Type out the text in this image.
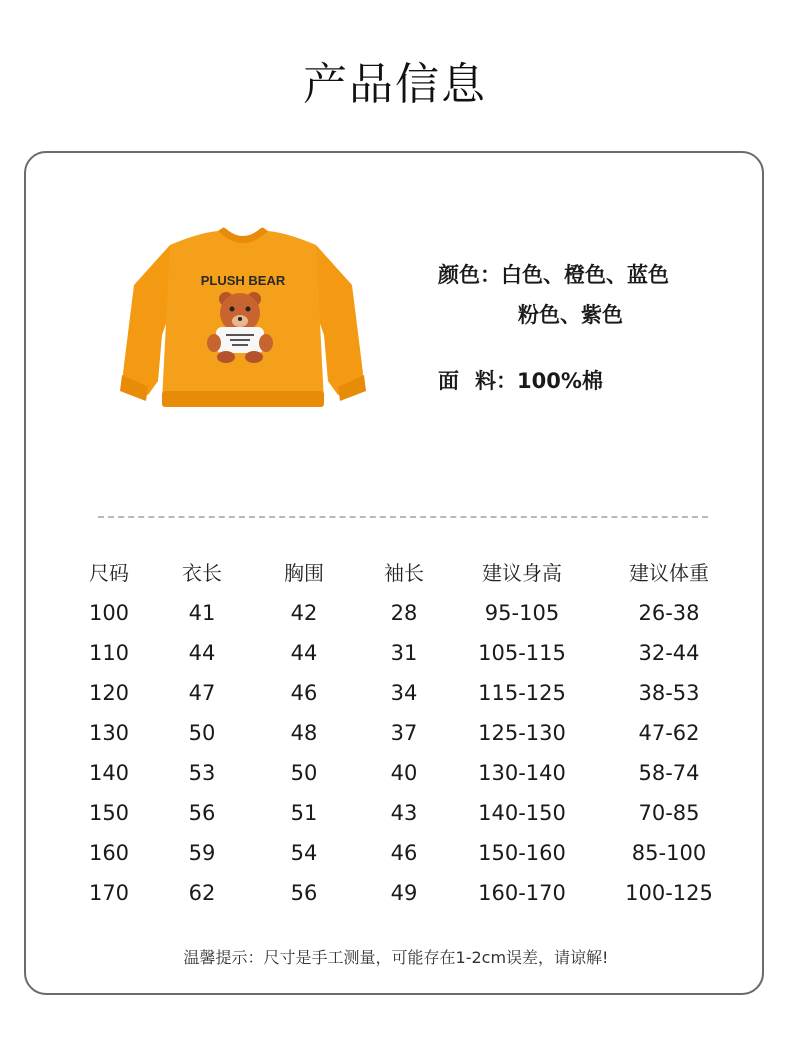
产品信息
PLUSH BEAR	颜色：白色、橙色、蓝色
粉色、紫色
面 料：100%棉
尺码	衣长	胸围	袖长	建议身高	建议体重
100	41	42	28	95-105	26-38
110	44	44	31	105-115	32-44
120	47	46	34	115-125	38-53
130	50	48	37	125-130	47-62
140	53	50	40	130-140	58-74
150	56	51	43	140-150	70-85
160	59	54	46	150-160	85-100
170	62	56	49	160-170	100-125
温馨提示：尺寸是手工测量，可能存在1-2cm误差，请谅解!
